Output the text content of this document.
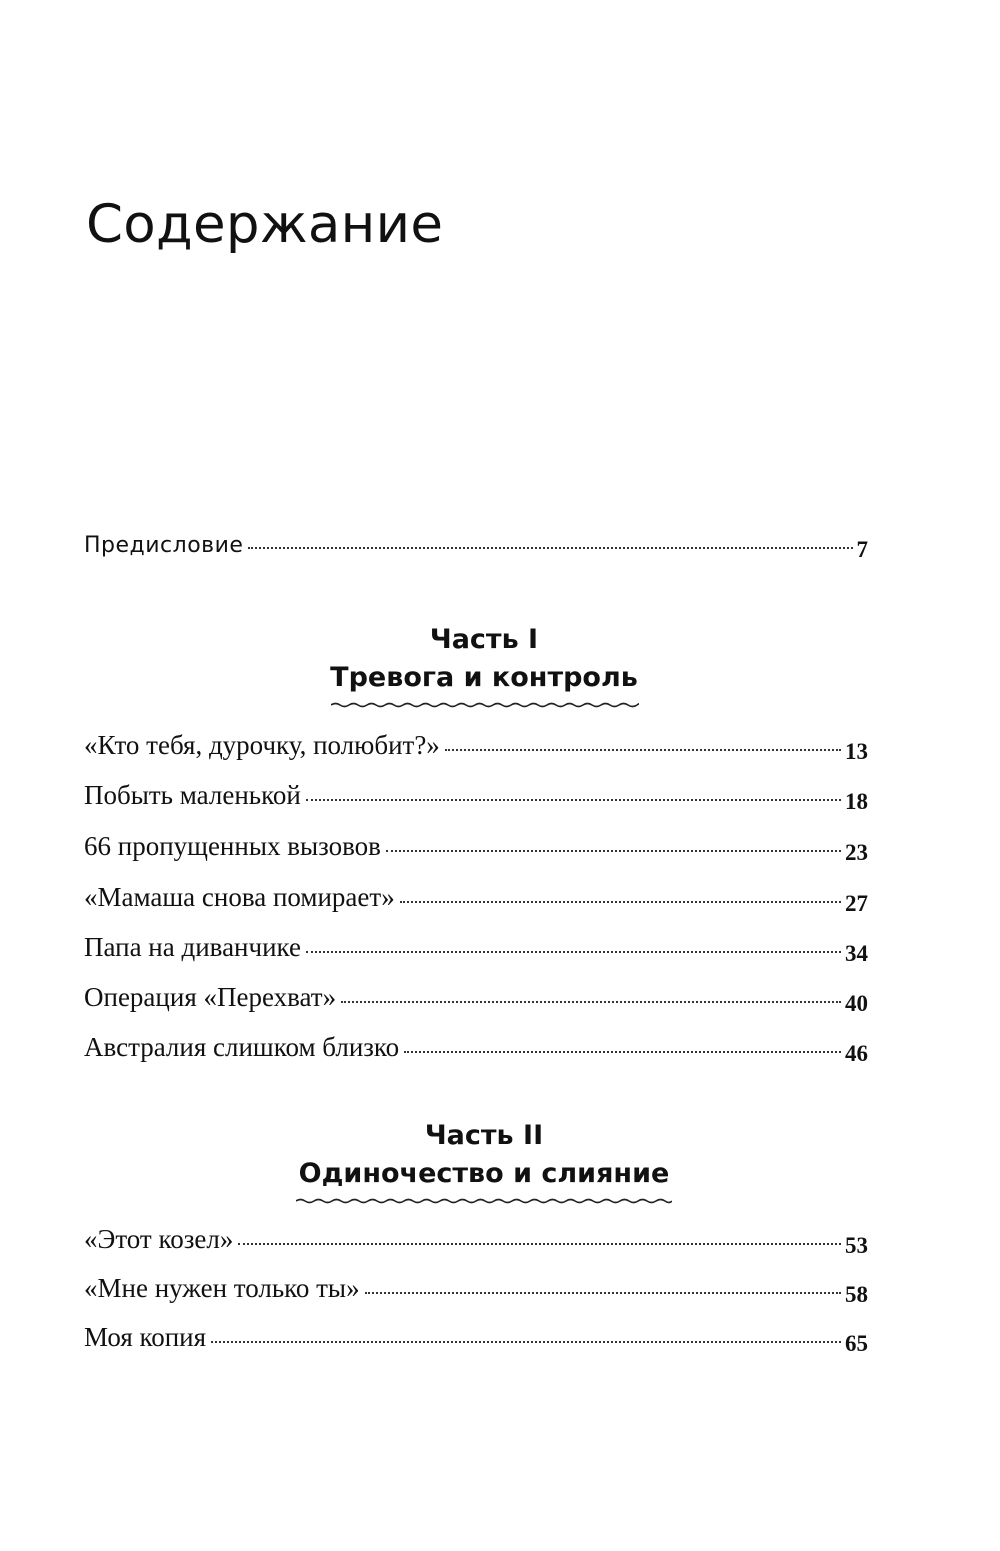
Содержание
Предисловие	7
Часть I
Тревога и контроль
«Кто тебя, дурочку, полюбит?»	13
Побыть маленькой	18
66 пропущенных вызовов	23
«Мамаша снова помирает»	27
Папа на диванчике	34
Операция «Перехват»	40
Австралия слишком близко	46
Часть II
Одиночество и слияние
«Этот козел»	53
«Мне нужен только ты»	58
Моя копия	65
